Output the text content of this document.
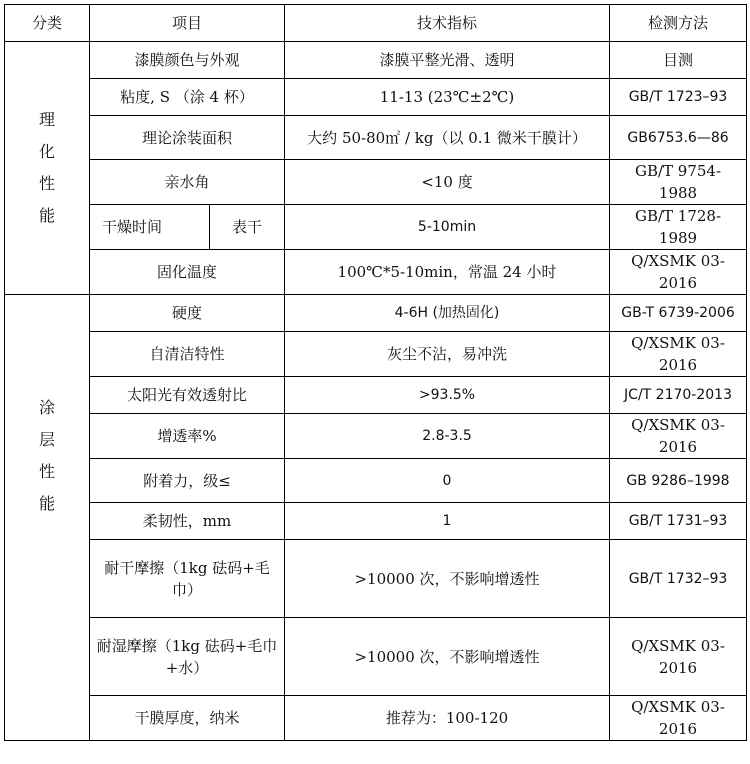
分类	项目		技术指标	检测方法

理
化
性
能	漆膜颜色与外观		漆膜平整光滑、透明	目测
	粘度, S （涂 4 杯）		11-13 (23℃±2℃)	GB/T 1723–93
	理论涂装面积		大约 50-80㎡ / kg（以 0.1 微米干膜计）	GB6753.6—86
	亲水角		<10 度	GB/T 9754-1988
	干燥时间	表干	5-10min	GB/T 1728-1989
	固化温度		100℃*5-10min，常温 24 小时	Q/XSMK 03-2016

涂
层
性
能	硬度		4-6H (加热固化)	GB-T 6739-2006
	自清洁特性		灰尘不沾，易冲洗	Q/XSMK 03-2016
	太阳光有效透射比		>93.5%	JC/T 2170-2013
	增透率%		2.8-3.5	Q/XSMK 03-2016
	附着力，级≤		0	GB 9286–1998
	柔韧性，mm		1	GB/T 1731–93
	耐干摩擦（1kg 砝码+毛巾）		>10000 次，不影响增透性	GB/T 1732–93
	耐湿摩擦（1kg 砝码+毛巾+水）		>10000 次，不影响增透性	Q/XSMK 03-2016
	干膜厚度，纳米		推荐为：100-120	Q/XSMK 03-2016
